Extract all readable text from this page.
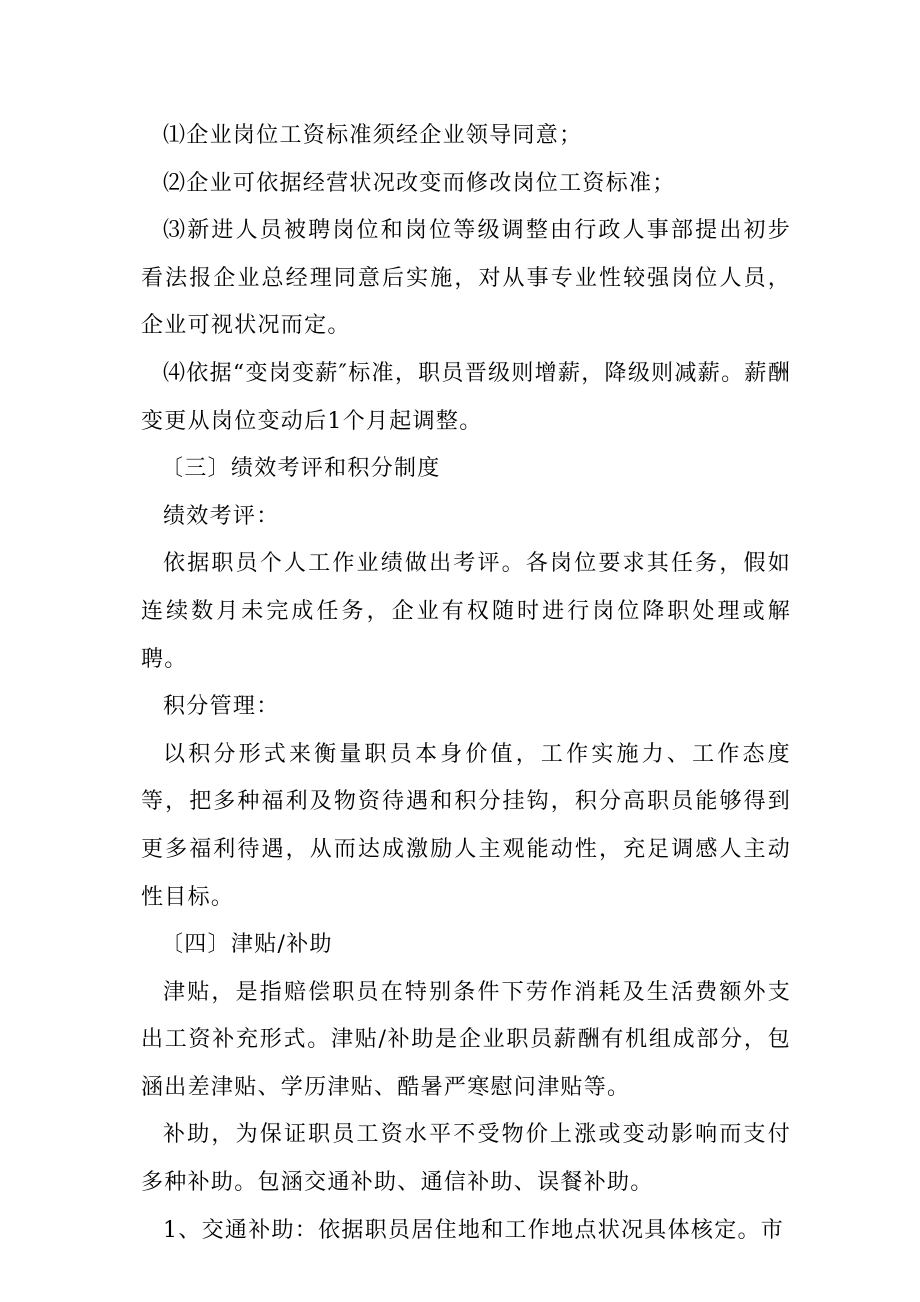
⑴企业岗位工资标准须经企业领导同意；

⑵企业可依据经营状况改变而修改岗位工资标准；

⑶新进人员被聘岗位和岗位等级调整由行政人事部提出初步看法报企业总经理同意后实施，对从事专业性较强岗位人员，企业可视状况而定。

⑷依据“变岗变薪″标准，职员晋级则增薪，降级则减薪。薪酬变更从岗位变动后1个月起调整。

〔三〕绩效考评和积分制度

绩效考评：

依据职员个人工作业绩做出考评。各岗位要求其任务，假如连续数月未完成任务，企业有权随时进行岗位降职处理或解聘。

积分管理：

以积分形式来衡量职员本身价值，工作实施力、工作态度等，把多种福利及物资待遇和积分挂钩，积分高职员能够得到更多福利待遇，从而达成激励人主观能动性，充足调感人主动性目标。

〔四〕津贴/补助

津贴，是指赔偿职员在特别条件下劳作消耗及生活费额外支出工资补充形式。津贴/补助是企业职员薪酬有机组成部分，包涵出差津贴、学历津贴、酷暑严寒慰问津贴等。

补助，为保证职员工资水平不受物价上涨或变动影响而支付多种补助。包涵交通补助、通信补助、误餐补助。

1、交通补助：依据职员居住地和工作地点状况具体核定。市
